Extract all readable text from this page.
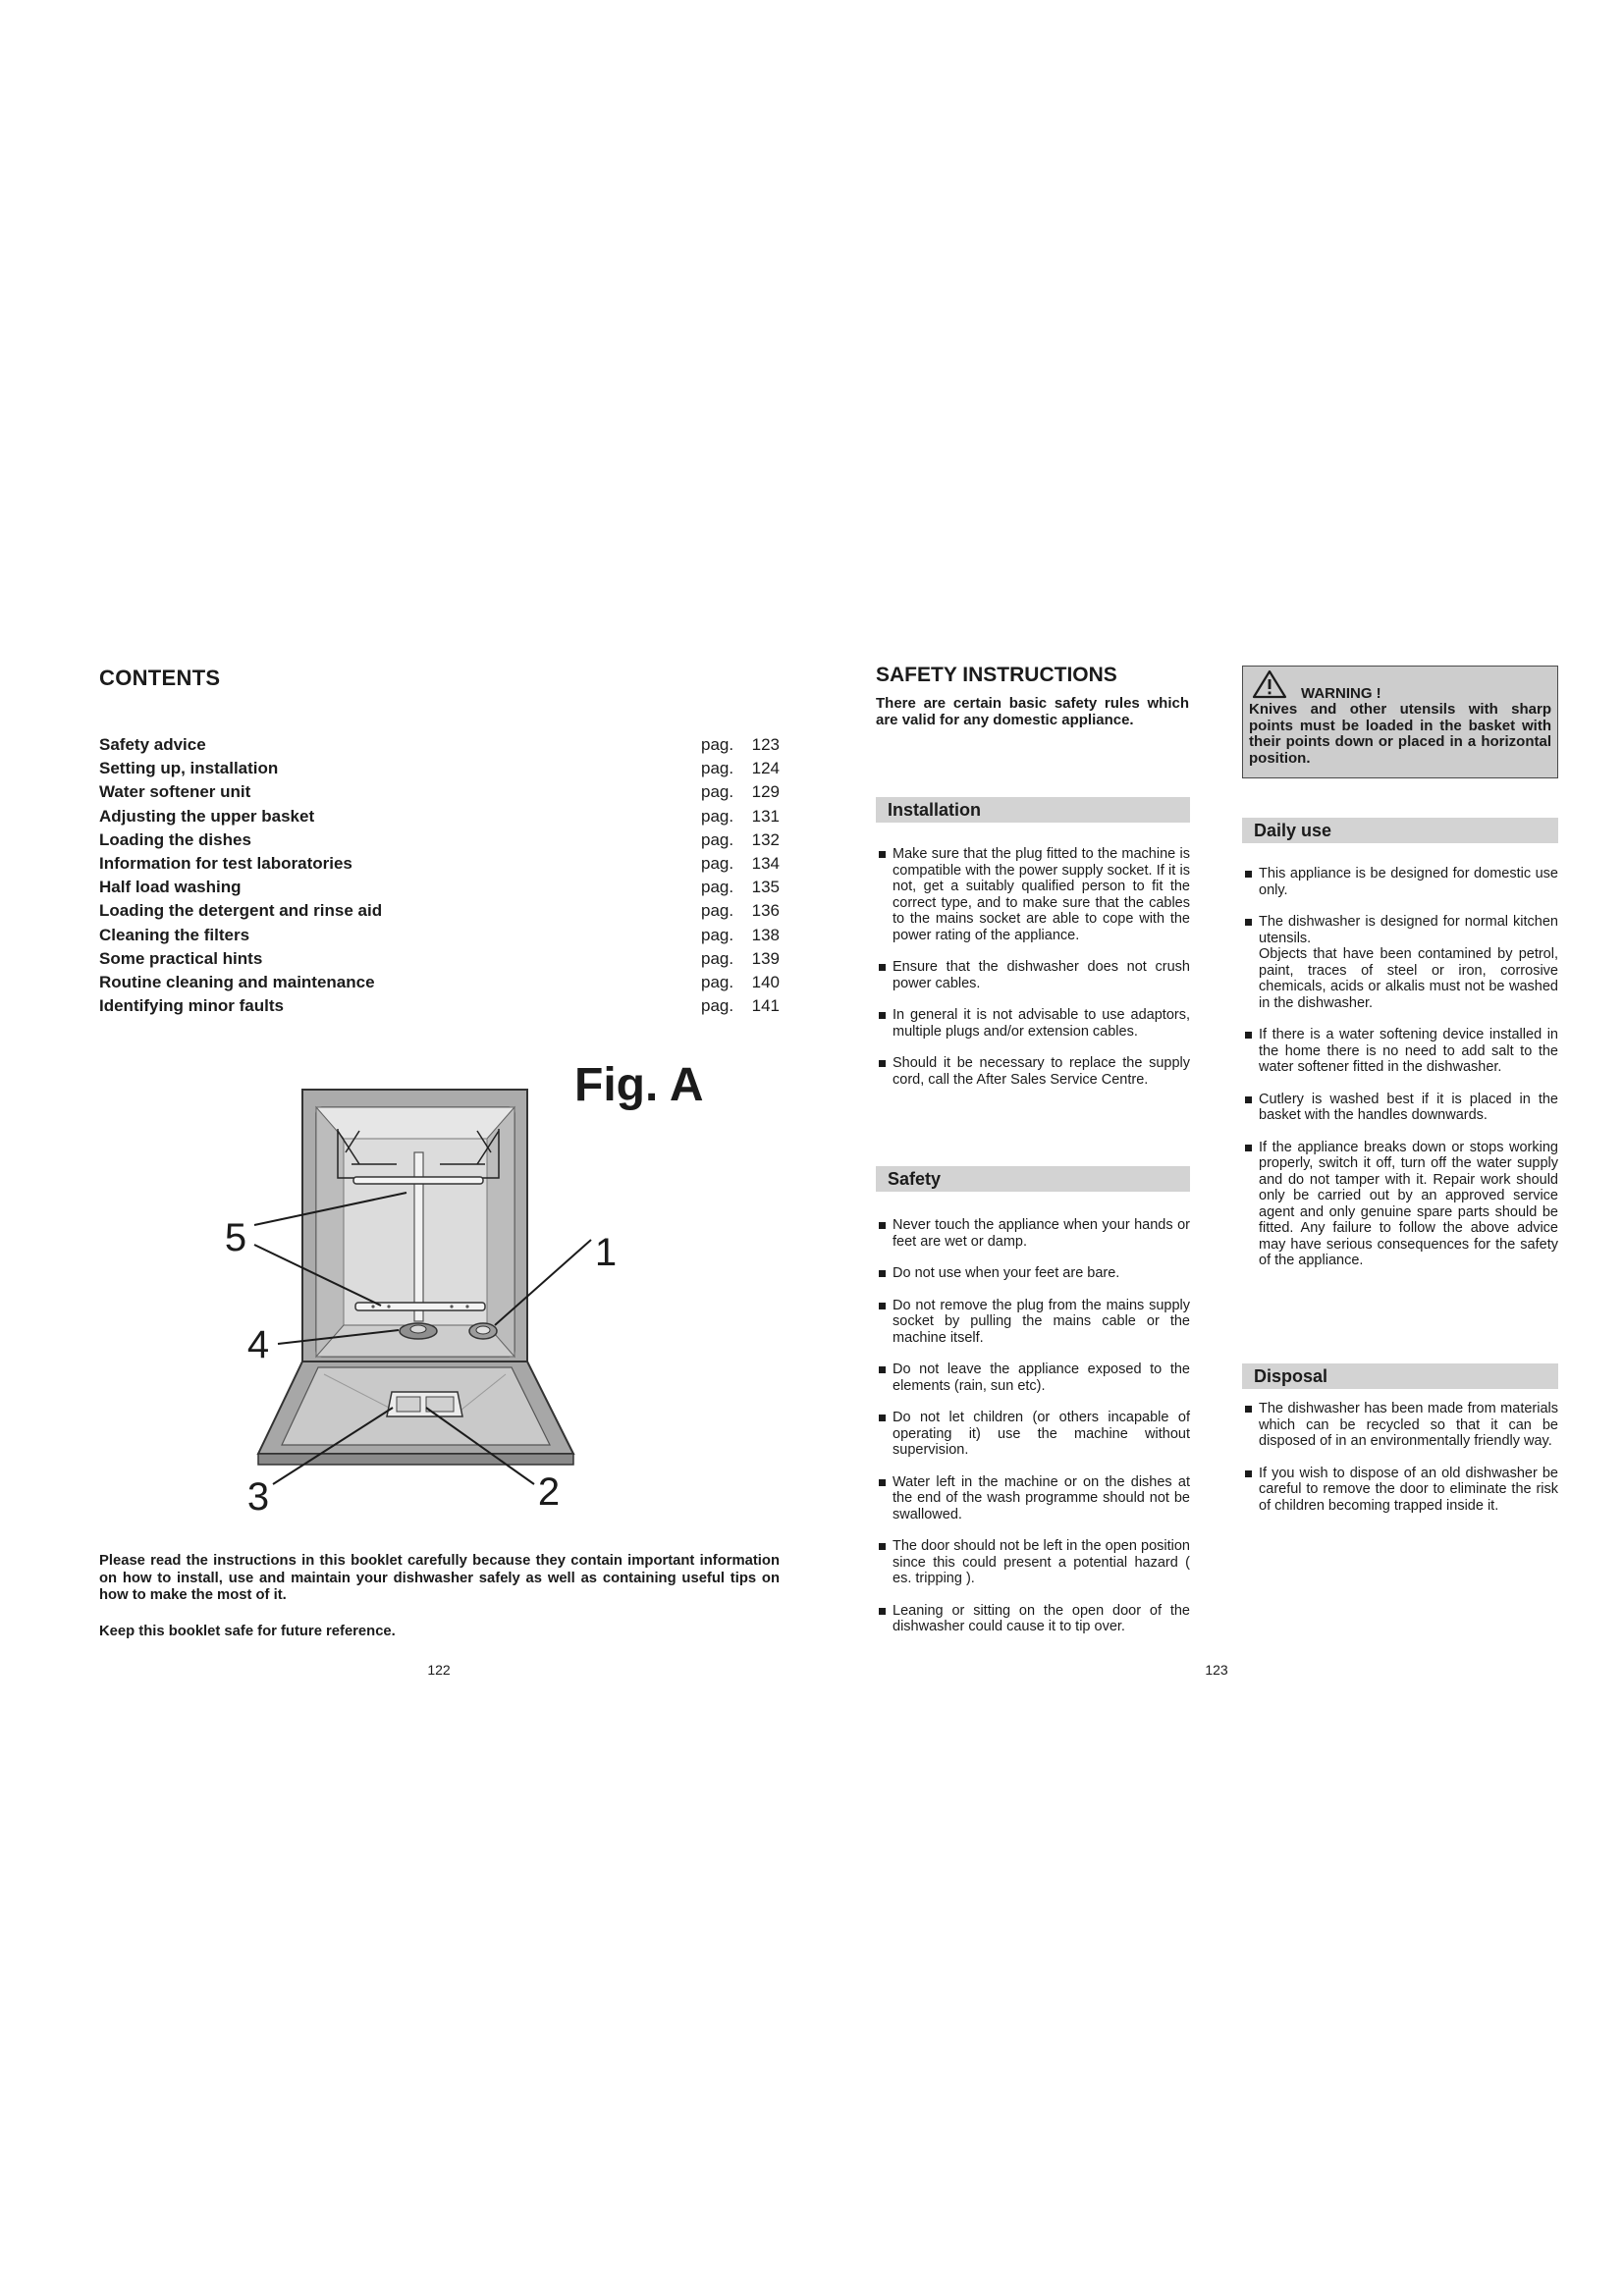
CONTENTS
Safety advice	pag. 123
Setting up, installation	pag. 124
Water softener unit	pag. 129
Adjusting the upper basket	pag. 131
Loading the dishes	pag. 132
Information for test laboratories	pag. 134
Half load washing	pag. 135
Loading the detergent and rinse aid	pag. 136
Cleaning the filters	pag. 138
Some practical hints	pag. 139
Routine cleaning and maintenance	pag. 140
Identifying minor faults	pag. 141
Fig. A
5	1
4
3	2
Please read the instructions in this booklet carefully because they contain important information on how to install, use and maintain your dishwasher safely as well as containing useful tips on how to make the most of it.
Keep this booklet safe for future reference.
122
SAFETY INSTRUCTIONS
There are certain basic safety rules which are valid for any domestic appliance.
WARNING !
Knives and other utensils with sharp points must be loaded in the basket with their points down or placed in a horizontal position.
Installation
Make sure that the plug fitted to the machine is compatible with the power supply socket. If it is not, get a suitably qualified person to fit the correct type, and to make sure that the cables to the mains socket are able to cope with the power rating of the appliance.
Ensure that the dishwasher does not crush power cables.
In general it is not advisable to use adaptors, multiple plugs and/or extension cables.
Should it be necessary to replace the supply cord, call the After Sales Service Centre.
Safety
Never touch the appliance when your hands or feet are wet or damp.
Do not use when your feet are bare.
Do not remove the plug from the mains supply socket by pulling the mains cable or the machine itself.
Do not leave the appliance exposed to the elements (rain, sun etc).
Do not let children (or others incapable of operating it) use the machine without supervision.
Water left in the machine or on the dishes at the end of the wash programme should not be swallowed.
The door should not be left in the open position since this could present a potential hazard ( es. tripping ).
Leaning or sitting on the open door of the dishwasher could cause it to tip over.
Daily use
This appliance is be designed for domestic use only.
The dishwasher is designed for normal kitchen utensils.
Objects that have been contamined by petrol, paint, traces of steel or iron, corrosive chemicals, acids or alkalis must not be washed in the dishwasher.
If there is a water softening device installed in the home there is no need to add salt to the water softener fitted in the dishwasher.
Cutlery is washed best if it is placed in the basket with the handles downwards.
If the appliance breaks down or stops working properly, switch it off, turn off the water supply and do not tamper with it. Repair work should only be carried out by an approved service agent and only genuine spare parts should be fitted. Any failure to follow the above advice may have serious consequences for the safety of the appliance.
Disposal
The dishwasher has been made from materials which can be recycled so that it can be disposed of in an environmentally friendly way.
If you wish to dispose of an old dishwasher be careful to remove the door to eliminate the risk of children becoming trapped inside it.
123
